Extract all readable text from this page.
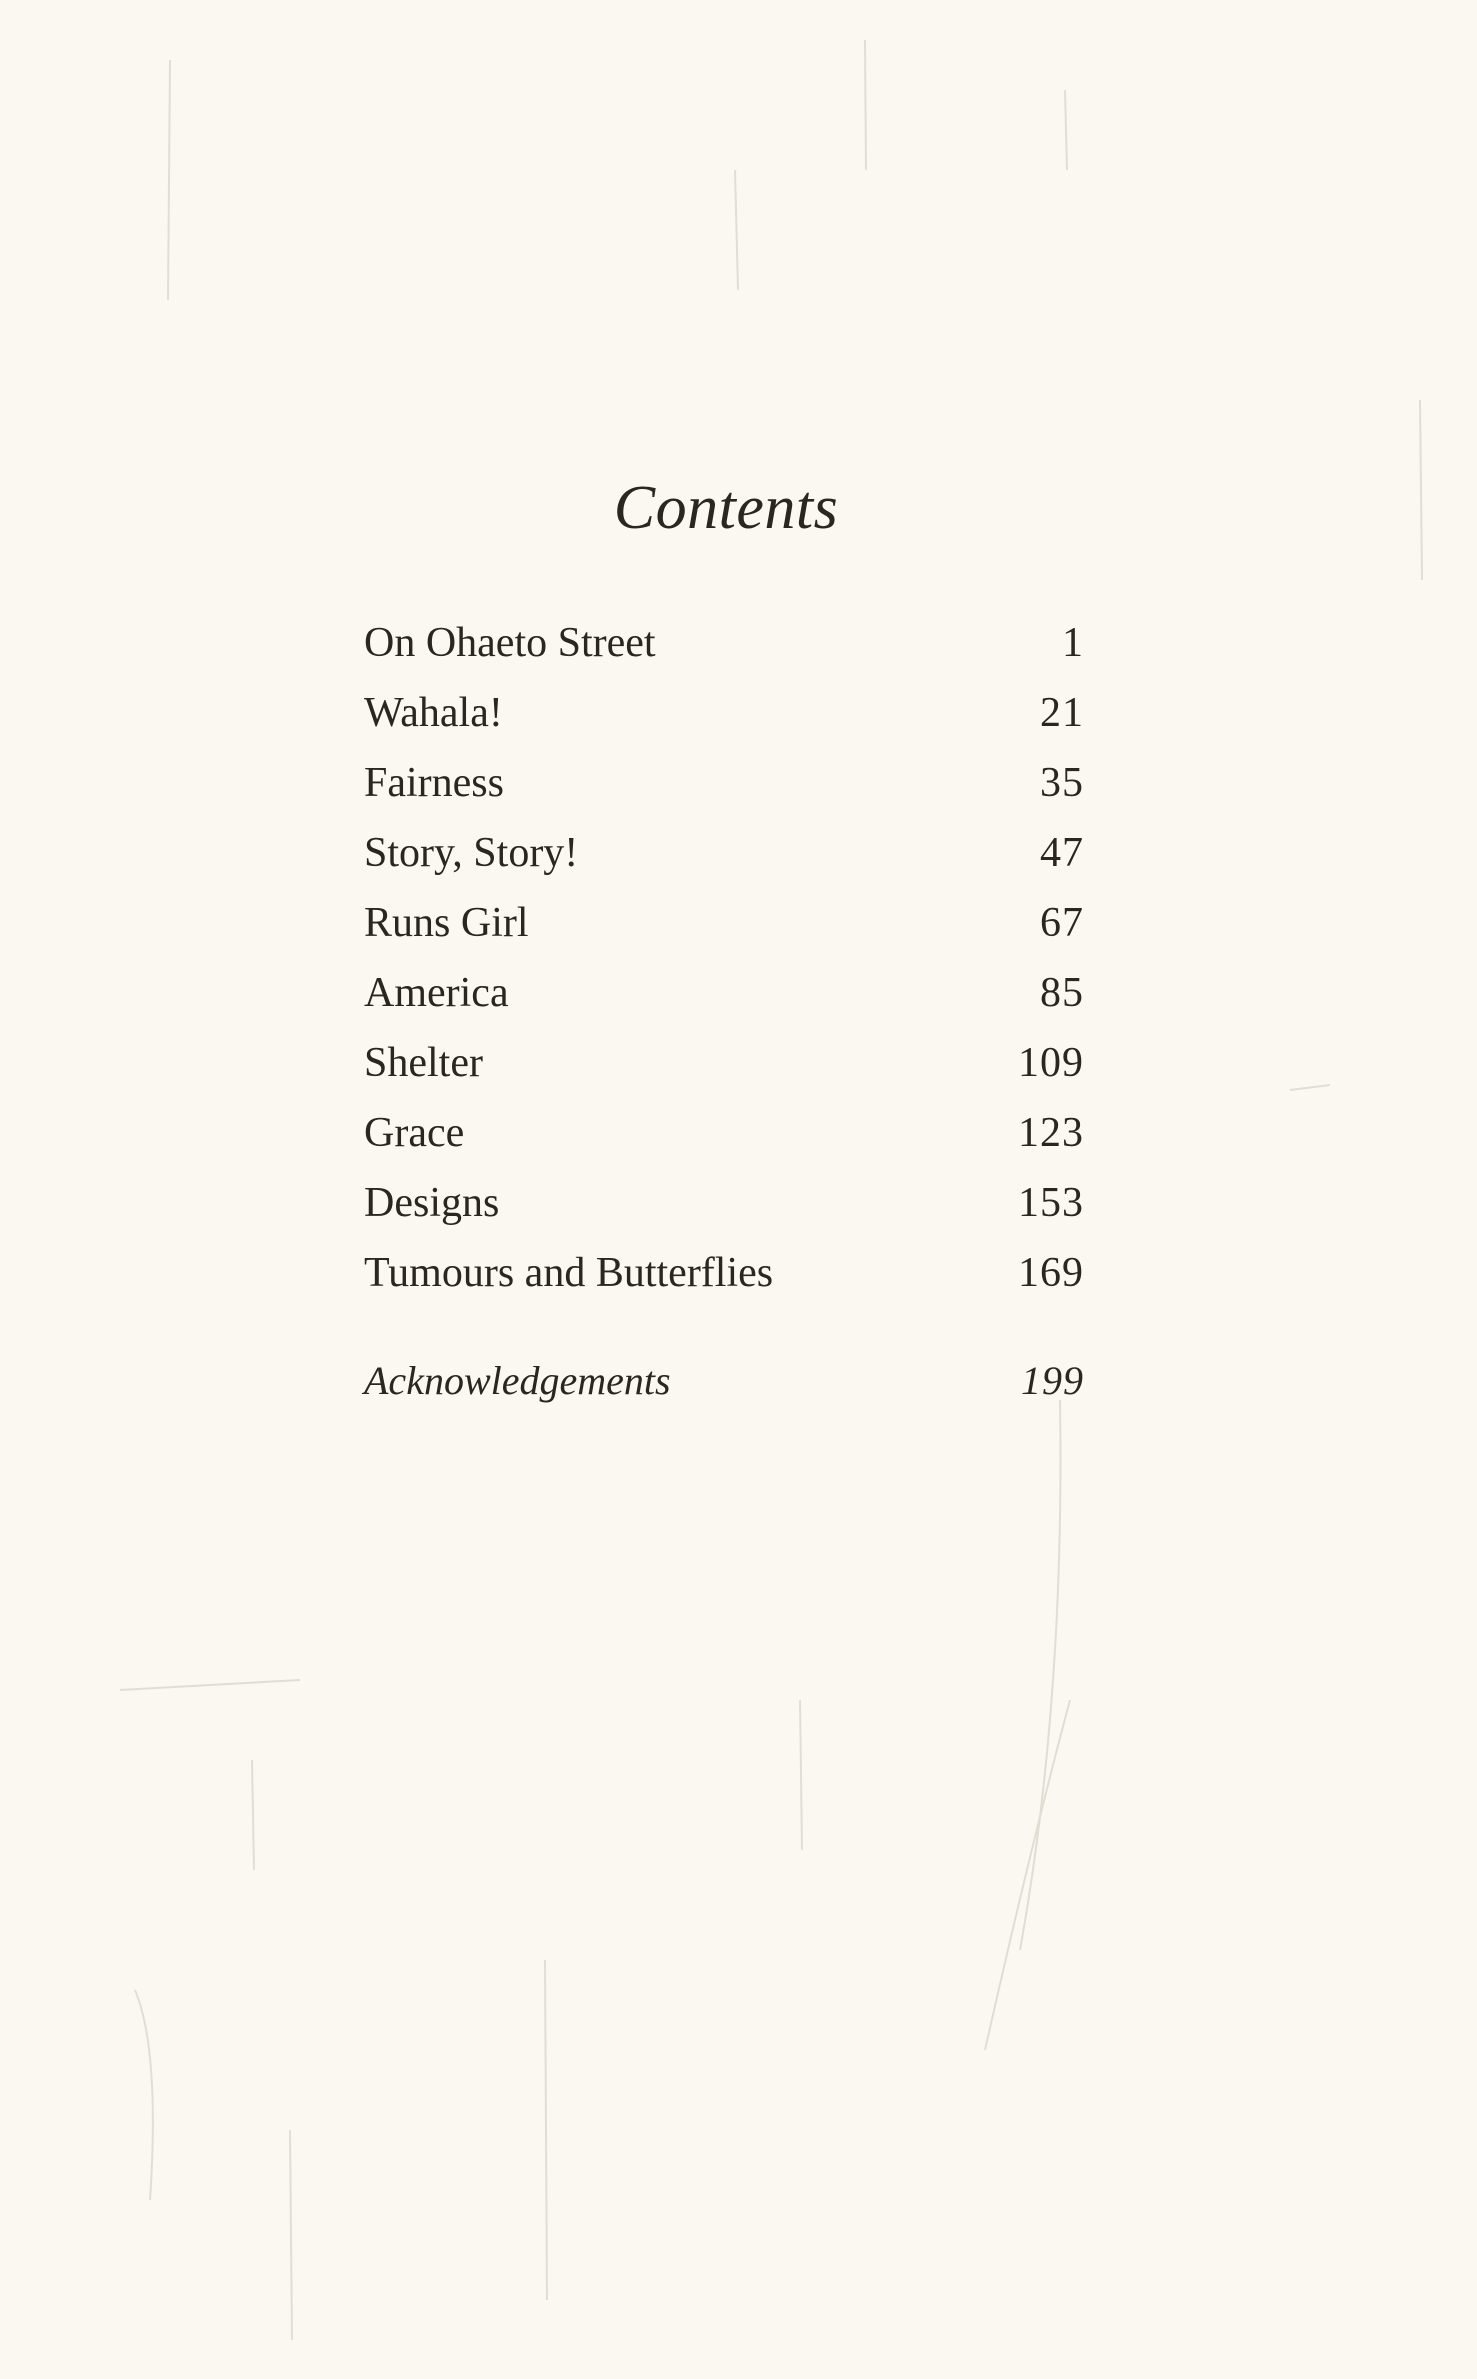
Contents
On Ohaeto Street	1
Wahala!	21
Fairness	35
Story, Story!	47
Runs Girl	67
America	85
Shelter	109
Grace	123
Designs	153
Tumours and Butterflies	169
Acknowledgements	199
